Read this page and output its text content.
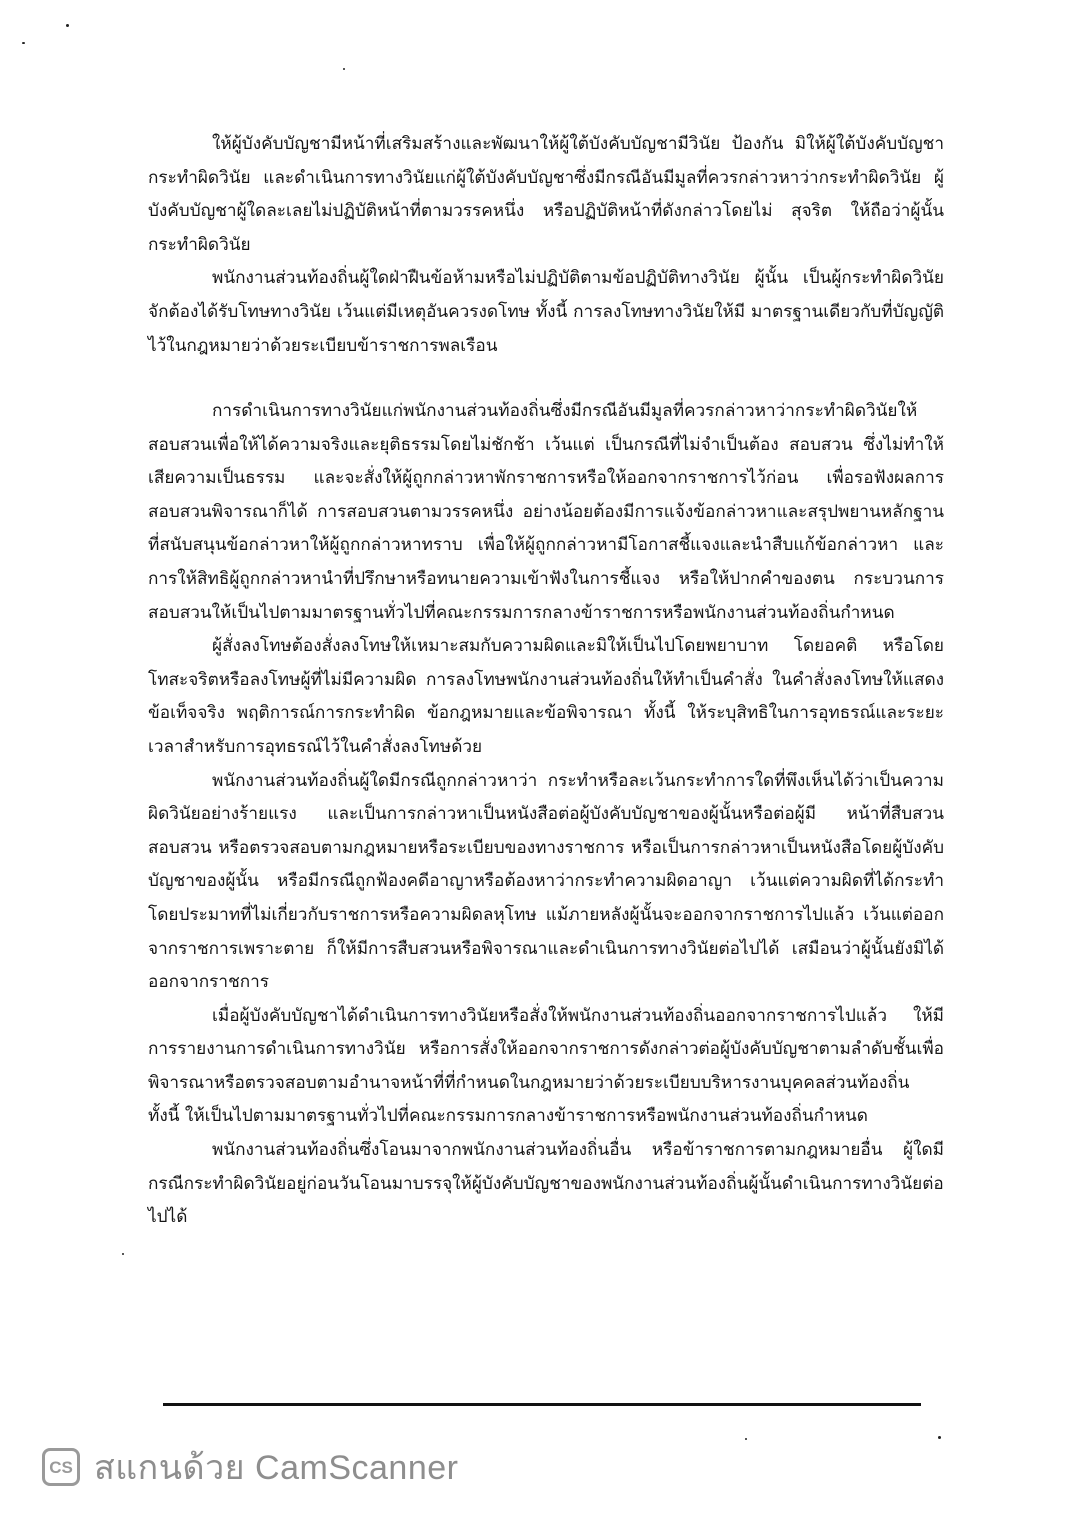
ให้ผู้บังคับบัญชามีหน้าที่เสริมสร้างและพัฒนาให้ผู้ใต้บังคับบัญชามีวินัย ป้องกัน มิให้ผู้ใต้บังคับบัญชากระทำผิดวินัย และดำเนินการทางวินัยแก่ผู้ใต้บังคับบัญชาซึ่งมีกรณีอันมีมูลที่ควรกล่าวหาว่ากระทำผิดวินัย ผู้บังคับบัญชาผู้ใดละเลยไม่ปฏิบัติหน้าที่ตามวรรคหนึ่ง หรือปฏิบัติหน้าที่ดังกล่าวโดยไม่ สุจริต ให้ถือว่าผู้นั้นกระทำผิดวินัย

พนักงานส่วนท้องถิ่นผู้ใดฝ่าฝืนข้อห้ามหรือไม่ปฏิบัติตามข้อปฏิบัติทางวินัย ผู้นั้น เป็นผู้กระทำผิดวินัย จักต้องได้รับโทษทางวินัย เว้นแต่มีเหตุอันควรงดโทษ ทั้งนี้ การลงโทษทางวินัยให้มี มาตรฐานเดียวกับที่บัญญัติไว้ในกฎหมายว่าด้วยระเบียบข้าราชการพลเรือน

การดำเนินการทางวินัยแก่พนักงานส่วนท้องถิ่นซึ่งมีกรณีอันมีมูลที่ควรกล่าวหาว่ากระทำผิดวินัยให้สอบสวนเพื่อให้ได้ความจริงและยุติธรรมโดยไม่ชักช้า เว้นแต่ เป็นกรณีที่ไม่จำเป็นต้อง สอบสวน ซึ่งไม่ทำให้เสียความเป็นธรรม และจะสั่งให้ผู้ถูกกล่าวหาพักราชการหรือให้ออกจากราชการไว้ก่อน เพื่อรอฟังผลการสอบสวนพิจารณาก็ได้ การสอบสวนตามวรรคหนึ่ง อย่างน้อยต้องมีการแจ้งข้อกล่าวหาและสรุปพยานหลักฐาน ที่สนับสนุนข้อกล่าวหาให้ผู้ถูกกล่าวหาทราบ เพื่อให้ผู้ถูกกล่าวหามีโอกาสชี้แจงและนำสืบแก้ข้อกล่าวหา และการให้สิทธิผู้ถูกกล่าวหานำที่ปรึกษาหรือทนายความเข้าฟังในการชี้แจง หรือให้ปากคำของตน กระบวนการสอบสวนให้เป็นไปตามมาตรฐานทั่วไปที่คณะกรรมการกลางข้าราชการหรือพนักงานส่วนท้องถิ่นกำหนด

ผู้สั่งลงโทษต้องสั่งลงโทษให้เหมาะสมกับความผิดและมิให้เป็นไปโดยพยาบาท โดยอคติ หรือโดยโทสะจริตหรือลงโทษผู้ที่ไม่มีความผิด การลงโทษพนักงานส่วนท้องถิ่นให้ทำเป็นคำสั่ง ในคำสั่งลงโทษให้แสดงข้อเท็จจริง พฤติการณ์การกระทำผิด ข้อกฎหมายและข้อพิจารณา ทั้งนี้ ให้ระบุสิทธิในการอุทธรณ์และระยะเวลาสำหรับการอุทธรณ์ไว้ในคำสั่งลงโทษด้วย

พนักงานส่วนท้องถิ่นผู้ใดมีกรณีถูกกล่าวหาว่า กระทำหรือละเว้นกระทำการใดที่พึงเห็นได้ว่าเป็นความผิดวินัยอย่างร้ายแรง และเป็นการกล่าวหาเป็นหนังสือต่อผู้บังคับบัญชาของผู้นั้นหรือต่อผู้มี หน้าที่สืบสวนสอบสวน หรือตรวจสอบตามกฎหมายหรือระเบียบของทางราชการ หรือเป็นการกล่าวหาเป็นหนังสือโดยผู้บังคับบัญชาของผู้นั้น หรือมีกรณีถูกฟ้องคดีอาญาหรือต้องหาว่ากระทำความผิดอาญา เว้นแต่ความผิดที่ได้กระทำโดยประมาทที่ไม่เกี่ยวกับราชการหรือความผิดลหุโทษ แม้ภายหลังผู้นั้นจะออกจากราชการไปแล้ว เว้นแต่ออกจากราชการเพราะตาย ก็ให้มีการสืบสวนหรือพิจารณาและดำเนินการทางวินัยต่อไปได้ เสมือนว่าผู้นั้นยังมิได้ออกจากราชการ

เมื่อผู้บังคับบัญชาได้ดำเนินการทางวินัยหรือสั่งให้พนักงานส่วนท้องถิ่นออกจากราชการไปแล้ว ให้มีการรายงานการดำเนินการทางวินัย หรือการสั่งให้ออกจากราชการดังกล่าวต่อผู้บังคับบัญชาตามลำดับชั้นเพื่อพิจารณาหรือตรวจสอบตามอำนาจหน้าที่ที่กำหนดในกฎหมายว่าด้วยระเบียบบริหารงานบุคคลส่วนท้องถิ่น ทั้งนี้ ให้เป็นไปตามมาตรฐานทั่วไปที่คณะกรรมการกลางข้าราชการหรือพนักงานส่วนท้องถิ่นกำหนด

พนักงานส่วนท้องถิ่นซึ่งโอนมาจากพนักงานส่วนท้องถิ่นอื่น หรือข้าราชการตามกฎหมายอื่น ผู้ใดมีกรณีกระทำผิดวินัยอยู่ก่อนวันโอนมาบรรจุให้ผู้บังคับบัญชาของพนักงานส่วนท้องถิ่นผู้นั้นดำเนินการทางวินัยต่อไปได้

CS สแกนด้วย CamScanner
